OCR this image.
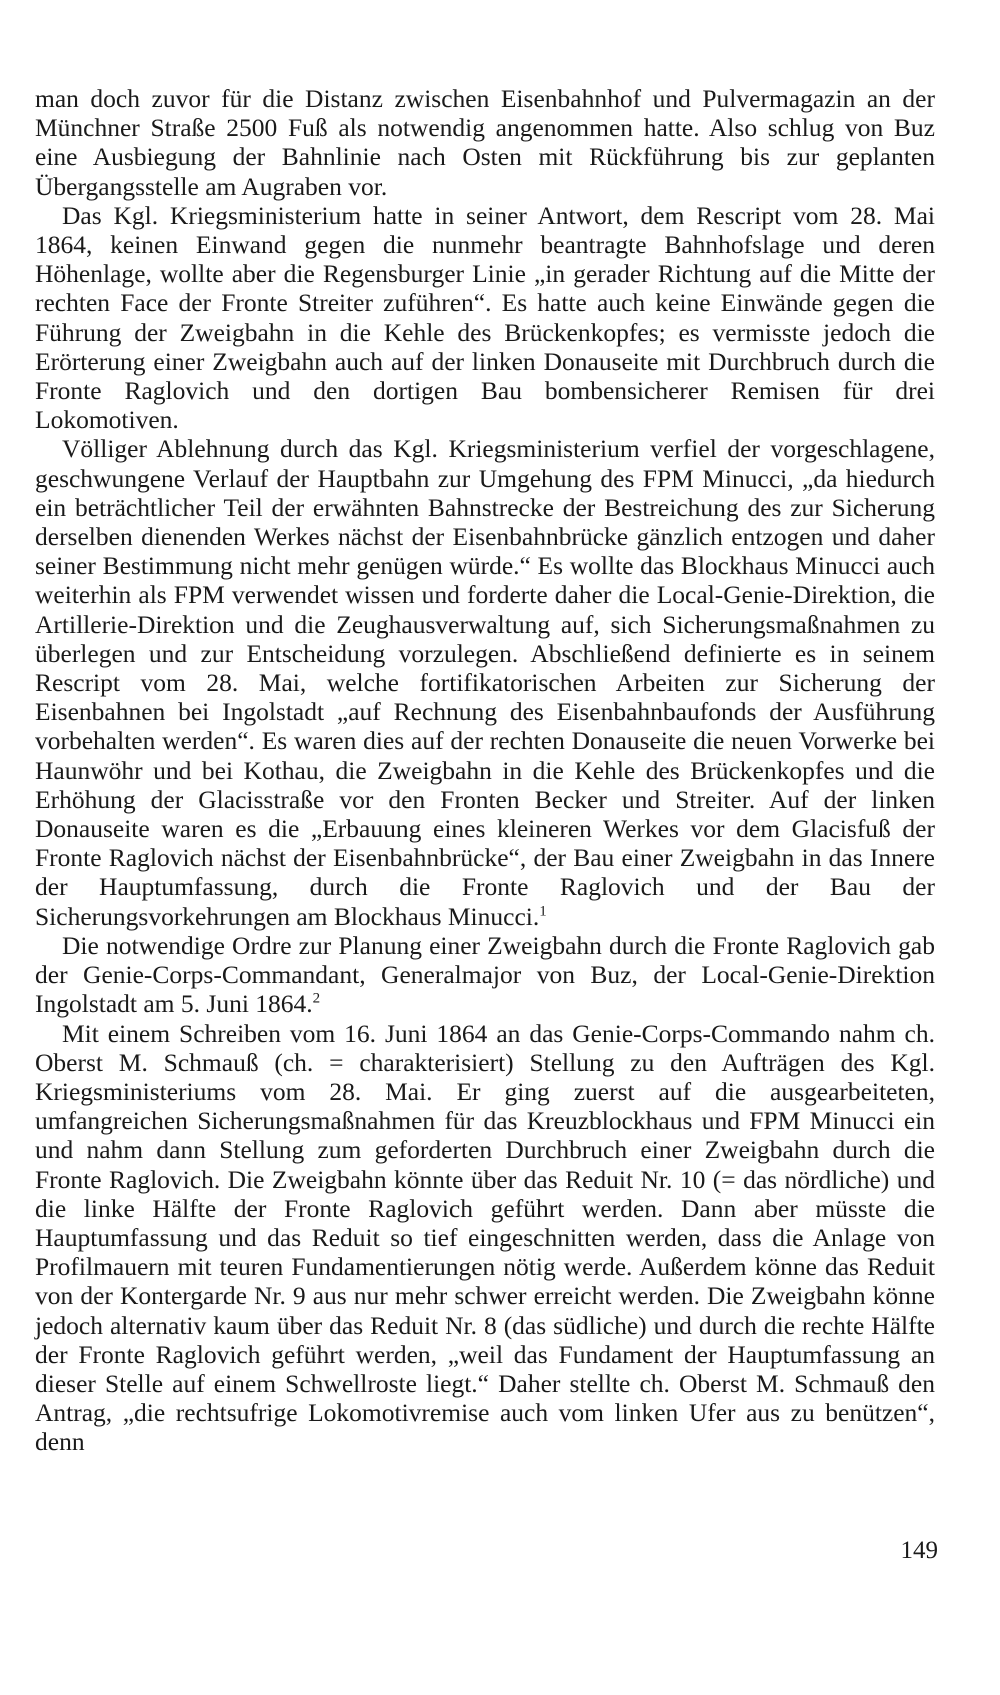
man doch zuvor für die Distanz zwischen Eisenbahnhof und Pulvermagazin an der Münchner Straße 2500 Fuß als notwendig angenommen hatte. Also schlug von Buz eine Ausbiegung der Bahnlinie nach Osten mit Rückführung bis zur geplanten Übergangsstelle am Augraben vor.

Das Kgl. Kriegsministerium hatte in seiner Antwort, dem Rescript vom 28. Mai 1864, keinen Einwand gegen die nunmehr beantragte Bahnhofslage und deren Höhenlage, wollte aber die Regensburger Linie „in gerader Richtung auf die Mitte der rechten Face der Fronte Streiter zuführen“. Es hatte auch keine Einwände gegen die Führung der Zweigbahn in die Kehle des Brückenkopfes; es vermisste jedoch die Erörterung einer Zweigbahn auch auf der linken Donauseite mit Durchbruch durch die Fronte Raglovich und den dortigen Bau bombensicherer Remisen für drei Lokomotiven.

Völliger Ablehnung durch das Kgl. Kriegsministerium verfiel der vorgeschlagene, geschwungene Verlauf der Hauptbahn zur Umgehung des FPM Minucci, „da hiedurch ein beträchtlicher Teil der erwähnten Bahnstrecke der Bestreichung des zur Sicherung derselben dienenden Werkes nächst der Eisenbahnbrücke gänzlich entzogen und daher seiner Bestimmung nicht mehr genügen würde.“ Es wollte das Blockhaus Minucci auch weiterhin als FPM verwendet wissen und forderte daher die Local-Genie-Direktion, die Artillerie-Direktion und die Zeughausverwaltung auf, sich Sicherungsmaßnahmen zu überlegen und zur Entscheidung vorzulegen. Abschließend definierte es in seinem Rescript vom 28. Mai, welche fortifikatorischen Arbeiten zur Sicherung der Eisenbahnen bei Ingolstadt „auf Rechnung des Eisenbahnbaufonds der Ausführung vorbehalten werden“. Es waren dies auf der rechten Donauseite die neuen Vorwerke bei Haunwöhr und bei Kothau, die Zweigbahn in die Kehle des Brückenkopfes und die Erhöhung der Glacisstraße vor den Fronten Becker und Streiter. Auf der linken Donauseite waren es die „Erbauung eines kleineren Werkes vor dem Glacisfuß der Fronte Raglovich nächst der Eisenbahnbrücke“, der Bau einer Zweigbahn in das Innere der Hauptumfassung, durch die Fronte Raglovich und der Bau der Sicherungsvorkehrungen am Blockhaus Minucci.$^1$

Die notwendige Ordre zur Planung einer Zweigbahn durch die Fronte Raglovich gab der Genie-Corps-Commandant, Generalmajor von Buz, der Local-Genie-Direktion Ingolstadt am 5. Juni 1864.$^2$

Mit einem Schreiben vom 16. Juni 1864 an das Genie-Corps-Commando nahm ch. Oberst M. Schmauß (ch. = charakterisiert) Stellung zu den Aufträgen des Kgl. Kriegsministeriums vom 28. Mai. Er ging zuerst auf die ausgearbeiteten, umfangreichen Sicherungsmaßnahmen für das Kreuzblockhaus und FPM Minucci ein und nahm dann Stellung zum geforderten Durchbruch einer Zweigbahn durch die Fronte Raglovich. Die Zweigbahn könnte über das Reduit Nr. 10 (= das nördliche) und die linke Hälfte der Fronte Raglovich geführt werden. Dann aber müsste die Hauptumfassung und das Reduit so tief eingeschnitten werden, dass die Anlage von Profilmauern mit teuren Fundamentierungen nötig werde. Außerdem könne das Reduit von der Kontergarde Nr. 9 aus nur mehr schwer erreicht werden. Die Zweigbahn könne jedoch alternativ kaum über das Reduit Nr. 8 (das südliche) und durch die rechte Hälfte der Fronte Raglovich geführt werden, „weil das Fundament der Hauptumfassung an dieser Stelle auf einem Schwellroste liegt.“ Daher stellte ch. Oberst M. Schmauß den Antrag, „die rechtsufrige Lokomotivremise auch vom linken Ufer aus zu benützen“, denn

149
